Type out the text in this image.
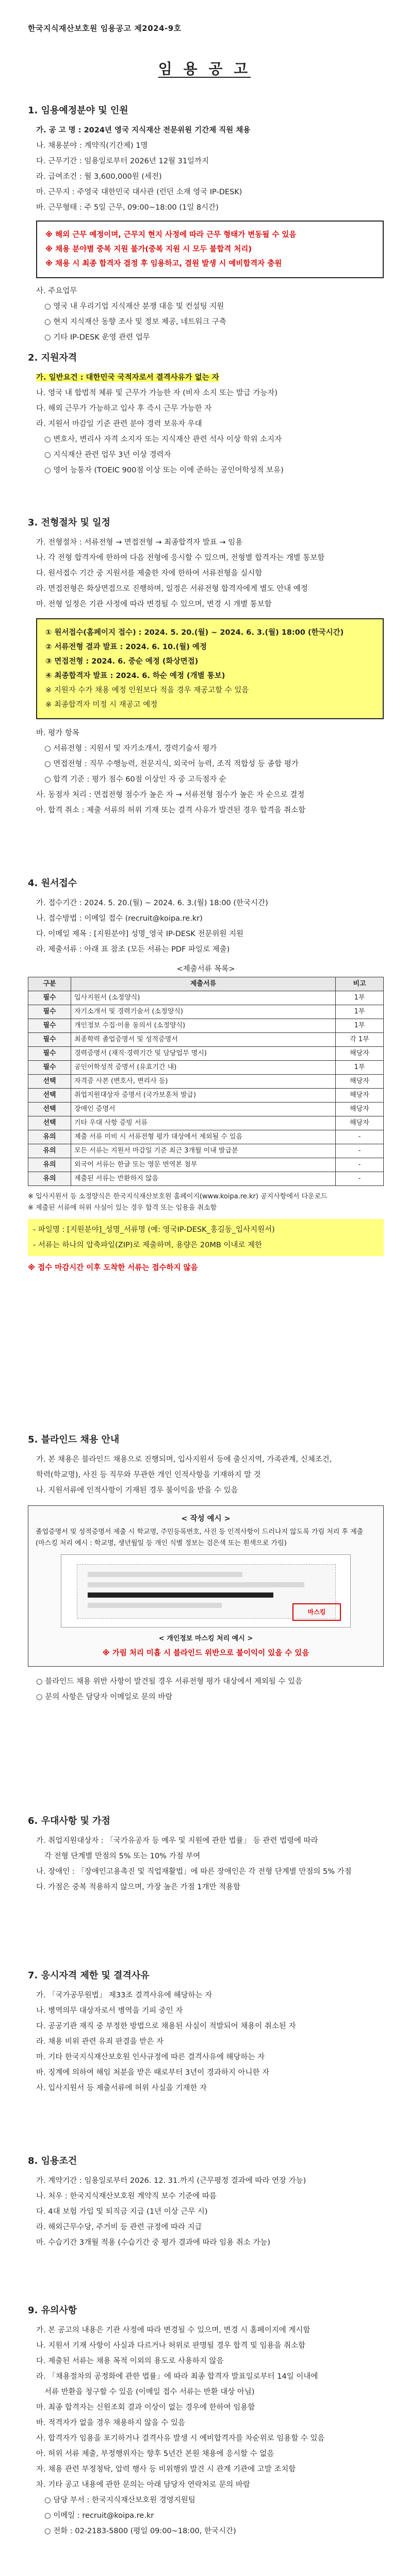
한국지식재산보호원 임용공고 제2024-9호
임 용 공 고
1. 임용예정분야 및 인원

가. 공 고 명 : 2024년 영국 지식재산 전문위원 기간제 직원 채용

나. 채용분야 : 계약직(기간제) 1명

다. 근무기간 : 임용일로부터 2026년 12월 31일까지

라. 급여조건 : 월 3,600,000원 (세전)

마. 근무지 : 주영국 대한민국 대사관 (런던 소재 영국 IP-DESK)

바. 근무형태 : 주 5일 근무, 09:00~18:00 (1일 8시간)

※ 해외 근무 예정이며, 근무지 현지 사정에 따라 근무 형태가 변동될 수 있음

※ 채용 분야별 중복 지원 불가(중복 지원 시 모두 불합격 처리)

※ 채용 시 최종 합격자 결정 후 임용하고, 결원 발생 시 예비합격자 충원

사. 주요업무

○ 영국 내 우리기업 지식재산 분쟁 대응 및 컨설팅 지원

○ 현지 지식재산 동향 조사 및 정보 제공, 네트워크 구축

○ 기타 IP-DESK 운영 관련 업무

2. 지원자격

가. 일반요건 : 대한민국 국적자로서 결격사유가 없는 자

나. 영국 내 합법적 체류 및 근무가 가능한 자 (비자 소지 또는 발급 가능자)

다. 해외 근무가 가능하고 입사 후 즉시 근무 가능한 자

라. 지원서 마감일 기준 관련 분야 경력 보유자 우대

○ 변호사, 변리사 자격 소지자 또는 지식재산 관련 석사 이상 학위 소지자

○ 지식재산 관련 업무 3년 이상 경력자

○ 영어 능통자 (TOEIC 900점 이상 또는 이에 준하는 공인어학성적 보유)

3. 전형절차 및 일정

가. 전형절차 : 서류전형 → 면접전형 → 최종합격자 발표 → 임용

나. 각 전형 합격자에 한하여 다음 전형에 응시할 수 있으며, 전형별 합격자는 개별 통보함

다. 원서접수 기간 중 지원서를 제출한 자에 한하여 서류전형을 실시함

라. 면접전형은 화상면접으로 진행하며, 일정은 서류전형 합격자에게 별도 안내 예정

마. 전형 일정은 기관 사정에 따라 변경될 수 있으며, 변경 시 개별 통보함

① 원서접수(홈페이지 접수) : 2024. 5. 20.(월) ~ 2024. 6. 3.(월) 18:00 (한국시간)

② 서류전형 결과 발표 : 2024. 6. 10.(월) 예정

③ 면접전형 : 2024. 6. 중순 예정 (화상면접)

④ 최종합격자 발표 : 2024. 6. 하순 예정 (개별 통보)

※ 지원자 수가 채용 예정 인원보다 적을 경우 재공고할 수 있음

※ 최종합격자 미정 시 재공고 예정

바. 평가 항목

○ 서류전형 : 지원서 및 자기소개서, 경력기술서 평가

○ 면접전형 : 직무 수행능력, 전문지식, 외국어 능력, 조직 적합성 등 종합 평가

○ 합격 기준 : 평가 점수 60점 이상인 자 중 고득점자 순

사. 동점자 처리 : 면접전형 점수가 높은 자 → 서류전형 점수가 높은 자 순으로 결정

아. 합격 취소 : 제출 서류의 허위 기재 또는 결격 사유가 발견된 경우 합격을 취소함

4. 원서접수

가. 접수기간 : 2024. 5. 20.(월) ~ 2024. 6. 3.(월) 18:00 (한국시간)

나. 접수방법 : 이메일 접수 (recruit@koipa.re.kr)

다. 이메일 제목 : [지원분야] 성명_영국 IP-DESK 전문위원 지원

라. 제출서류 : 아래 표 참조 (모든 서류는 PDF 파일로 제출)

<제출서류 목록>

구분	제출서류	비고
필수	입사지원서 (소정양식)	1부
필수	자기소개서 및 경력기술서 (소정양식)	1부
필수	개인정보 수집·이용 동의서 (소정양식)	1부
필수	최종학력 졸업증명서 및 성적증명서	각 1부
필수	경력증명서 (재직·경력기간 및 담당업무 명시)	해당자
필수	공인어학성적 증명서 (유효기간 내)	1부
선택	자격증 사본 (변호사, 변리사 등)	해당자
선택	취업지원대상자 증명서 (국가보훈처 발급)	해당자
선택	장애인 증명서	해당자
선택	기타 우대 사항 증빙 서류	해당자
유의	제출 서류 미비 시 서류전형 평가 대상에서 제외될 수 있음	-
유의	모든 서류는 지원서 마감일 기준 최근 3개월 이내 발급분	-
유의	외국어 서류는 한글 또는 영문 번역본 첨부	-
유의	제출된 서류는 반환하지 않음	-

※ 입사지원서 등 소정양식은 한국지식재산보호원 홈페이지(www.koipa.re.kr) 공지사항에서 다운로드

※ 제출된 서류에 허위 사실이 있는 경우 합격 또는 임용을 취소함

- 파일명 : [지원분야]_성명_서류명 (예: 영국IP-DESK_홍길동_입사지원서)

- 서류는 하나의 압축파일(ZIP)로 제출하며, 용량은 20MB 이내로 제한

※ 접수 마감시간 이후 도착한 서류는 접수하지 않음

5. 블라인드 채용 안내

가. 본 채용은 블라인드 채용으로 진행되며, 입사지원서 등에 출신지역, 가족관계, 신체조건,

학력(학교명), 사진 등 직무와 무관한 개인 인적사항을 기재하지 말 것

나. 지원서류에 인적사항이 기재된 경우 불이익을 받을 수 있음

< 작성 예시 >

졸업증명서 및 성적증명서 제출 시 학교명, 주민등록번호, 사진 등 인적사항이 드러나지 않도록 가림 처리 후 제출

(마스킹 처리 예시 : 학교명, 생년월일 등 개인 식별 정보는 검은색 또는 흰색으로 가림)

마스킹
< 개인정보 마스킹 처리 예시 >

※ 가림 처리 미흡 시 블라인드 위반으로 불이익이 있을 수 있음

○ 블라인드 채용 위반 사항이 발견될 경우 서류전형 평가 대상에서 제외될 수 있음

○ 문의 사항은 담당자 이메일로 문의 바람

6. 우대사항 및 가점

가. 취업지원대상자 : 「국가유공자 등 예우 및 지원에 관한 법률」 등 관련 법령에 따라

각 전형 단계별 만점의 5% 또는 10% 가점 부여

나. 장애인 : 「장애인고용촉진 및 직업재활법」에 따른 장애인은 각 전형 단계별 만점의 5% 가점

다. 가점은 중복 적용하지 않으며, 가장 높은 가점 1개만 적용함

7. 응시자격 제한 및 결격사유

가. 「국가공무원법」 제33조 결격사유에 해당하는 자

나. 병역의무 대상자로서 병역을 기피 중인 자

다. 공공기관 재직 중 부정한 방법으로 채용된 사실이 적발되어 채용이 취소된 자

라. 채용 비위 관련 유죄 판결을 받은 자

마. 기타 한국지식재산보호원 인사규정에 따른 결격사유에 해당하는 자

바. 징계에 의하여 해임 처분을 받은 때로부터 3년이 경과하지 아니한 자

사. 입사지원서 등 제출서류에 허위 사실을 기재한 자

8. 임용조건

가. 계약기간 : 임용일로부터 2026. 12. 31.까지 (근무평정 결과에 따라 연장 가능)

나. 처우 : 한국지식재산보호원 계약직 보수 기준에 따름

다. 4대 보험 가입 및 퇴직금 지급 (1년 이상 근무 시)

라. 해외근무수당, 주거비 등 관련 규정에 따라 지급

마. 수습기간 3개월 적용 (수습기간 중 평가 결과에 따라 임용 취소 가능)

9. 유의사항

가. 본 공고의 내용은 기관 사정에 따라 변경될 수 있으며, 변경 시 홈페이지에 게시함

나. 지원서 기재 사항이 사실과 다르거나 허위로 판명될 경우 합격 및 임용을 취소함

다. 제출된 서류는 채용 목적 이외의 용도로 사용하지 않음

라. 「채용절차의 공정화에 관한 법률」에 따라 최종 합격자 발표일로부터 14일 이내에

서류 반환을 청구할 수 있음 (이메일 접수 서류는 반환 대상 아님)

마. 최종 합격자는 신원조회 결과 이상이 없는 경우에 한하여 임용함

바. 적격자가 없을 경우 채용하지 않을 수 있음

사. 합격자가 임용을 포기하거나 결격사유 발생 시 예비합격자를 차순위로 임용할 수 있음

아. 허위 서류 제출, 부정행위자는 향후 5년간 본원 채용에 응시할 수 없음

자. 채용 관련 부정청탁, 압력 행사 등 비위행위 발견 시 관계 기관에 고발 조치함

차. 기타 공고 내용에 관한 문의는 아래 담당자 연락처로 문의 바람

○ 담당 부서 : 한국지식재산보호원 경영지원팀

○ 이메일 : recruit@koipa.re.kr

○ 전화 : 02-2183-5800 (평일 09:00~18:00, 한국시간)
